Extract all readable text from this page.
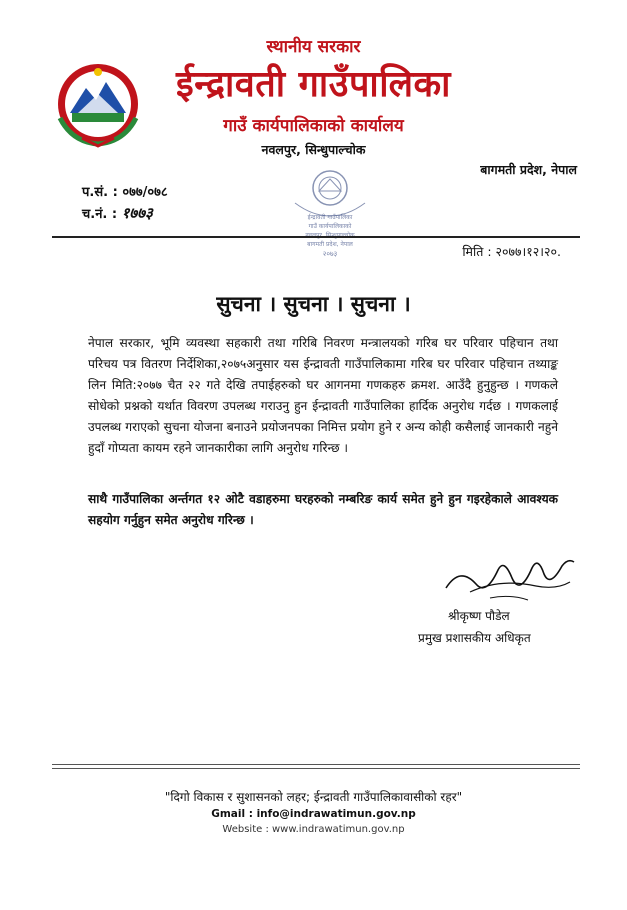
स्थानीय सरकार
ईन्द्रावती गाउँपालिका
गाउँ कार्यपालिकाको कार्यालय
नवलपुर, सिन्धुपाल्चोक
बागमती प्रदेश, नेपाल
प.सं. : ०७७/०७८
च.नं. : १७७३	ईन्द्रावती गाउँपालिका
गाउँ कार्यपालिकाको
बागमती प्रदेश, नेपाल
२०७३	मिति : २०७७।१२।२०.
सुचना । सुचना । सुचना ।
नेपाल सरकार, भूमि व्यवस्था सहकारी तथा गरिबि निवरण मन्त्रालयको गरिब घर परिवार पहिचान तथा परिचय पत्र वितरण निर्देशिका,२०७५अनुसार यस ईन्द्रावती गाउँपालिकामा गरिब घर परिवार पहिचान तथ्याङ्क लिन मिति:२०७७ चैत २२ गते देखि तपाईहरुको घर आगनमा गणकहरु क्रमश. आउँदै हुनुहुन्छ । गणकले सोधेको प्रश्नको यर्थात विवरण उपलब्ध गराउनु हुन ईन्द्रावती गाउँपालिका हार्दिक अनुरोध गर्दछ । गणकलाई उपलब्ध गराएको सुचना योजना बनाउने प्रयोजनपका निमित्त प्रयोग हुने र अन्य कोही कसैलाई जानकारी नहुने हुदाँ गोप्यता कायम रहने जानकारीका लागि अनुरोध गरिन्छ ।
साथै गाउँपालिका अर्न्तगत १२ ओटै वडाहरुमा घरहरुको नम्बरिङ कार्य समेत हुने हुन गइरहेकाले आवश्यक सहयोग गर्नुहुन समेत अनुरोध गरिन्छ ।
श्रीकृष्ण पौडेल
प्रमुख प्रशासकीय अधिकृत
"दिगो विकास र सुशासनको लहर; ईन्द्रावती गाउँपालिकावासीको रहर"
Gmail : info@indrawatimun.gov.np
Website : www.indrawatimun.gov.np
